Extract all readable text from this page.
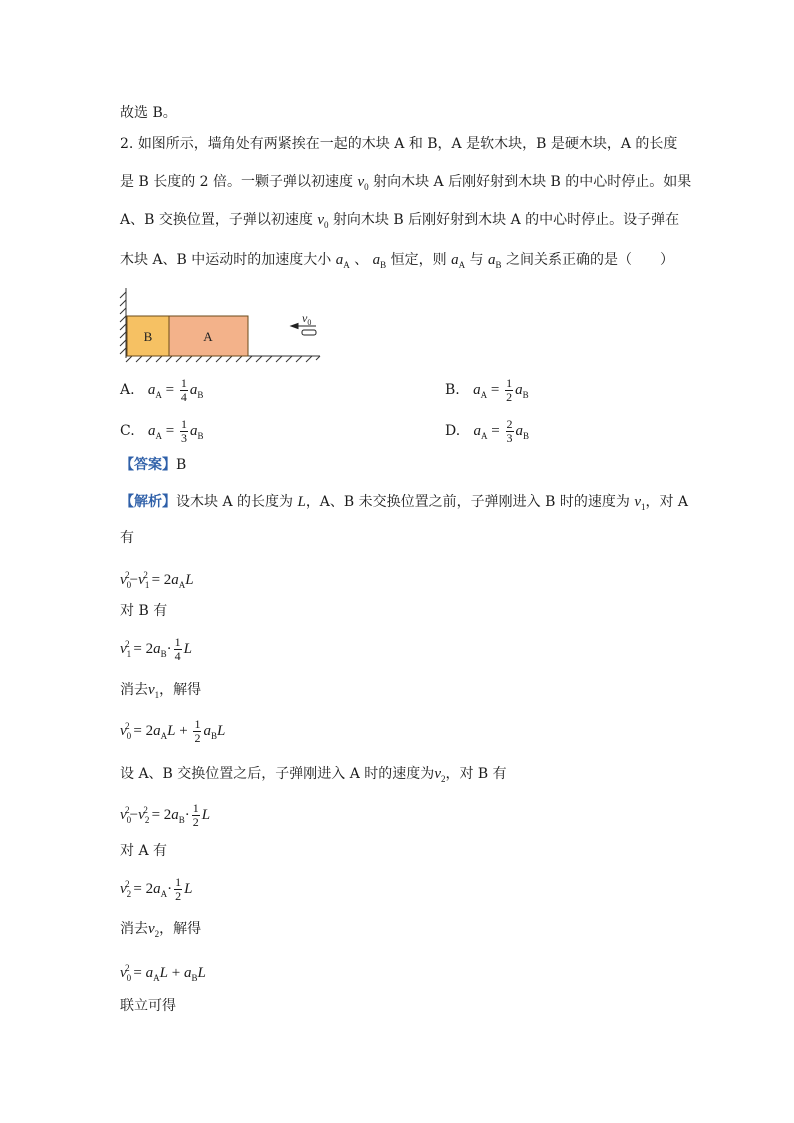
故选 B。
2. 如图所示，墙角处有两紧挨在一起的木块 A 和 B，A 是软木块，B 是硬木块，A 的长度
是 B 长度的 2 倍。一颗子弹以初速度 $v_0$ 射向木块 A 后刚好射到木块 B 的中心时停止。如果
A、B 交换位置，子弹以初速度 $v_0$ 射向木块 B 后刚好射到木块 A 的中心时停止。设子弹在
木块 A、B 中运动时的加速度大小 $a_A$ 、 $a_B$ 恒定，则 $a_A$ 与 $a_B$ 之间关系正确的是（　　）
B	A
$v_0$
A. $a_A = \frac{1}{4} a_B$	B. $a_A = \frac{1}{2} a_B$
C. $a_A = \frac{1}{3} a_B$	D. $a_A = \frac{2}{3} a_B$
【答案】B
【解析】设木块 A 的长度为 L，A、B 未交换位置之前，子弹刚进入 B 时的速度为 $v_1$，对 A
有
$v_0^2-v_1^2 = 2a_AL$
对 B 有
$v_1^2 = 2a_B\cdot \frac{1}{4}$ L
消去$v_1$，解得
$v_0^2 = 2a_AL + \frac{1}{2} a_BL$
设 A、B 交换位置之后，子弹刚进入 A 时的速度为$v_2$，对 B 有
$v_0^2-v_2^2 = 2a_B\cdot \frac{1}{2}$ L
对 A 有
$v_2^2 = 2a_A\cdot \frac{1}{2}$ L
消去$v_2$，解得
$v_0^2 = a_AL + a_BL$
联立可得
